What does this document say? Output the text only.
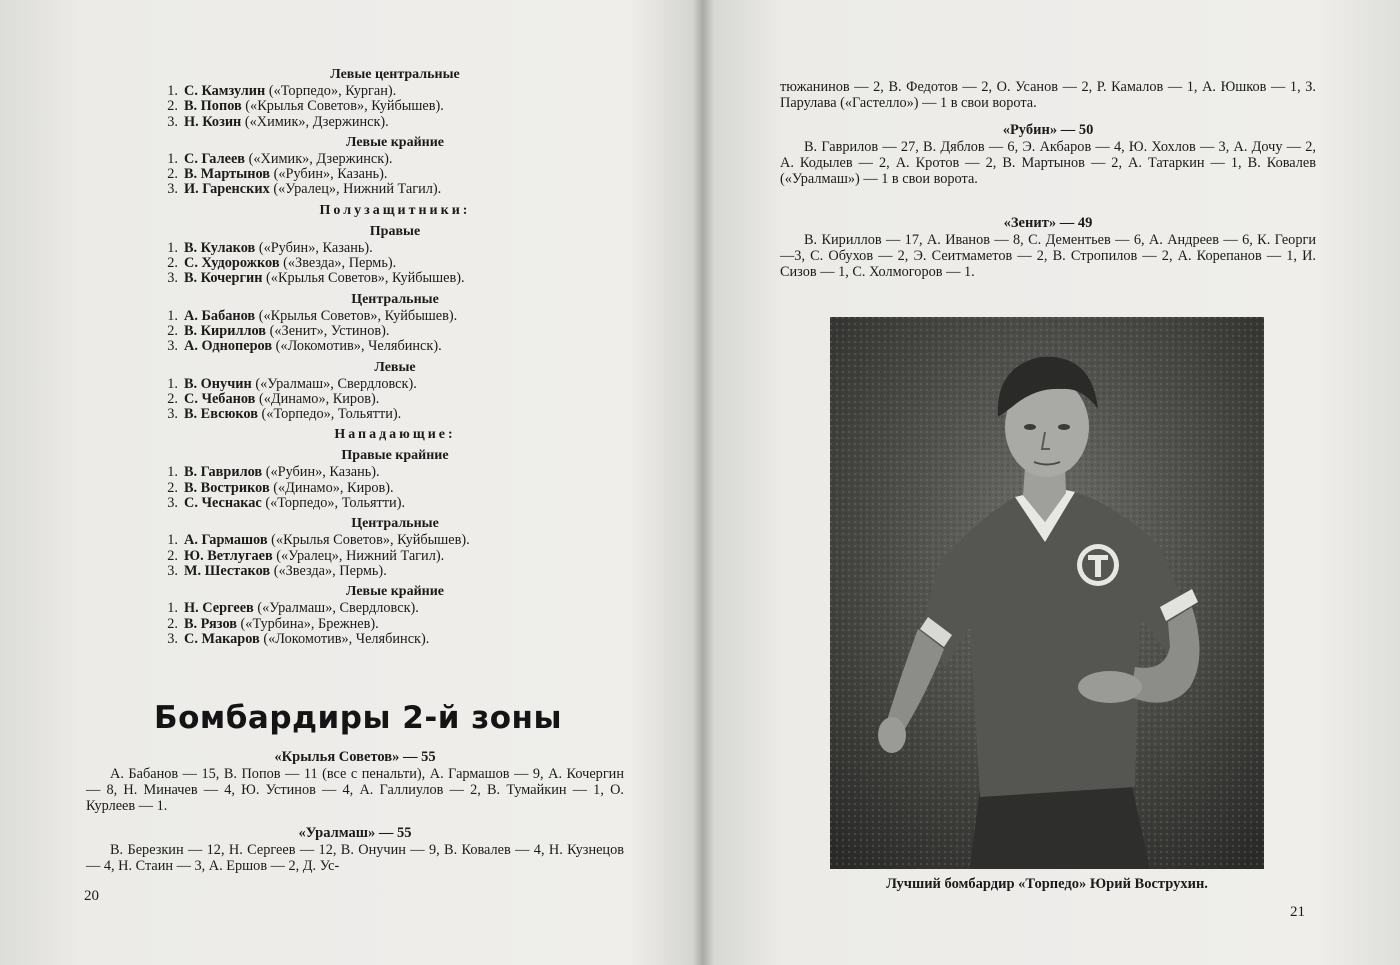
Левые центральные
1. С. Камзулин («Торпедо», Курган).
2. В. Попов («Крылья Советов», Куйбышев).
3. Н. Козин («Химик», Дзержинск).
Левые крайние
1. С. Галеев («Химик», Дзержинск).
2. В. Мартынов («Рубин», Казань).
3. И. Гаренских («Уралец», Нижний Тагил).
Полузащитники:
Правые
1. В. Кулаков («Рубин», Казань).
2. С. Худорожков («Звезда», Пермь).
3. В. Кочергин («Крылья Советов», Куйбышев).
Центральные
1. А. Бабанов («Крылья Советов», Куйбышев).
2. В. Кириллов («Зенит», Устинов).
3. А. Одноперов («Локомотив», Челябинск).
Левые
1. В. Онучин («Уралмаш», Свердловск).
2. С. Чебанов («Динамо», Киров).
3. В. Евсюков («Торпедо», Тольятти).
Нападающие:
Правые крайние
1. В. Гаврилов («Рубин», Казань).
2. В. Востриков («Динамо», Киров).
3. С. Чеснакас («Торпедо», Тольятти).
Центральные
1. А. Гармашов («Крылья Советов», Куйбышев).
2. Ю. Ветлугаев («Уралец», Нижний Тагил).
3. М. Шестаков («Звезда», Пермь).
Левые крайние
1. Н. Сергеев («Уралмаш», Свердловск).
2. В. Рязов («Турбина», Брежнев).
3. С. Макаров («Локомотив», Челябинск).
Бомбардиры 2-й зоны
«Крылья Советов» — 55
А. Бабанов — 15, В. Попов — 11 (все с пенальти), А. Гармашов — 9, А. Кочергин — 8, Н. Миначев — 4, Ю. Устинов — 4, А. Галлиулов — 2, В. Тумайкин — 1, О. Курлеев — 1.
«Уралмаш» — 55
В. Березкин — 12, Н. Сергеев — 12, В. Онучин — 9, В. Ковалев — 4, Н. Кузнецов — 4, Н. Стаин — 3, А. Ершов — 2, Д. Ус-
20
тюжанинов — 2, В. Федотов — 2, О. Усанов — 2, Р. Камалов — 1, А. Юшков — 1, З. Парулава («Гастелло») — 1 в свои ворота.
«Рубин» — 50
В. Гаврилов — 27, В. Дяблов — 6, Э. Акбаров — 4, Ю. Хохлов — 3, А. Дочу — 2, А. Кодылев — 2, А. Кротов — 2, В. Мартынов — 2, А. Татаркин — 1, В. Ковалев («Уралмаш») — 1 в свои ворота.
«Зенит» — 49
В. Кириллов — 17, А. Иванов — 8, С. Дементьев — 6, А. Андреев — 6, К. Георги —3, С. Обухов — 2, Э. Сеитмаметов — 2, В. Стропилов — 2, А. Корепанов — 1, И. Сизов — 1, С. Холмогоров — 1.
Лучший бомбардир «Торпедо» Юрий Вострухин.
21
